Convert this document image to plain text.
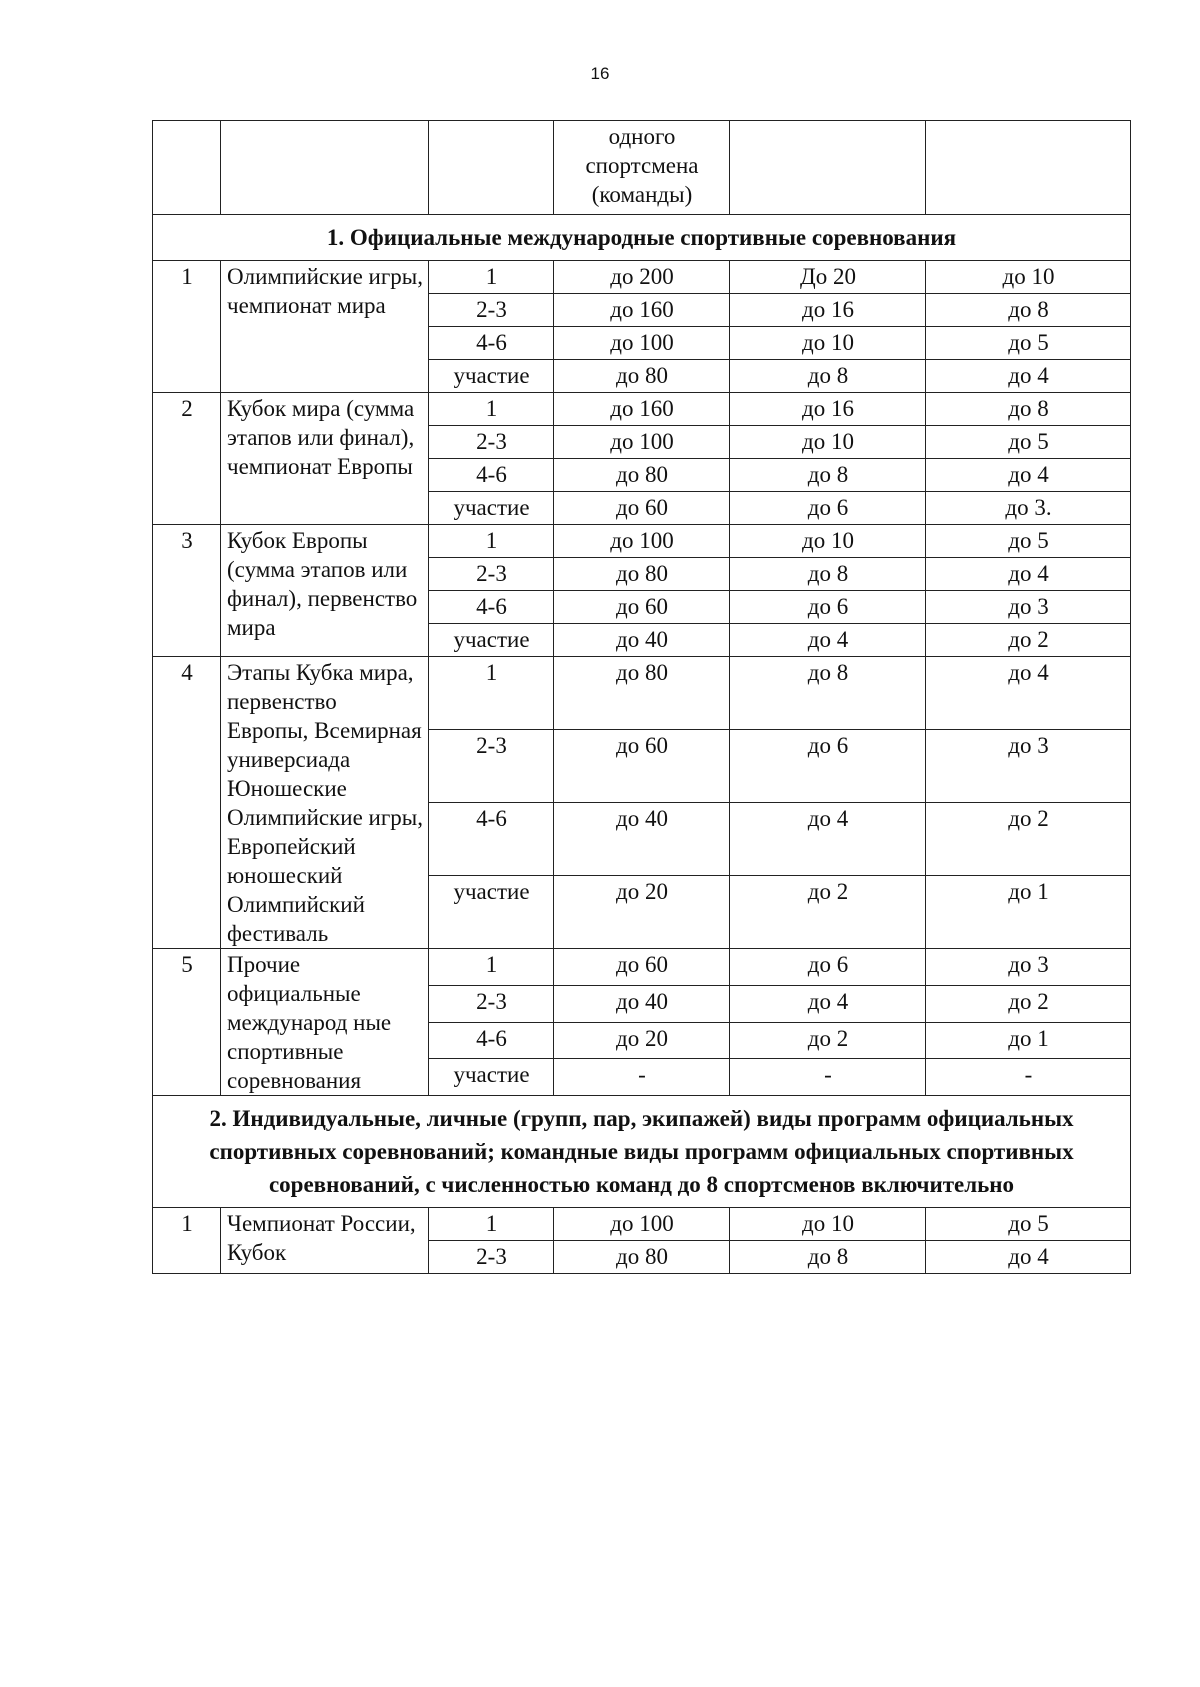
16
			одного спортсмена (команды)		
1. Официальные международные спортивные соревнования					
1	Олимпийские игры, чемпионат мира	1	до 200	До 20	до 10
		2-3	до 160	до 16	до 8
		4-6	до 100	до 10	до 5
		участие	до 80	до 8	до 4
2	Кубок мира (сумма этапов или финал), чемпионат Европы	1	до 160	до 16	до 8
		2-3	до 100	до 10	до 5
		4-6	до 80	до 8	до 4
		участие	до 60	до 6	до 3.
3	Кубок Европы (сумма этапов или финал), первенство мира	1	до 100	до 10	до 5
		2-3	до 80	до 8	до 4
		4-6	до 60	до 6	до 3
		участие	до 40	до 4	до 2
4	Этапы Кубка мира, первенство Европы, Всемирная универсиада Юношеские Олимпийские игры, Европейский юношеский Олимпийский фестиваль	1	до 80	до 8	до 4
		2-3	до 60	до 6	до 3
		4-6	до 40	до 4	до 2
		участие	до 20	до 2	до 1
5	Прочие официальные международ ные спортивные соревнования	1	до 60	до 6	до 3
		2-3	до 40	до 4	до 2
		4-6	до 20	до 2	до 1
		участие	-	-	-
2. Индивидуальные, личные (групп, пар, экипажей) виды программ официальных спортивных соревнований; командные виды программ официальных спортивных соревнований, с численностью команд до 8 спортсменов включительно					
1	Чемпионат России, Кубок	1	до 100	до 10	до 5
		2-3	до 80	до 8	до 4
